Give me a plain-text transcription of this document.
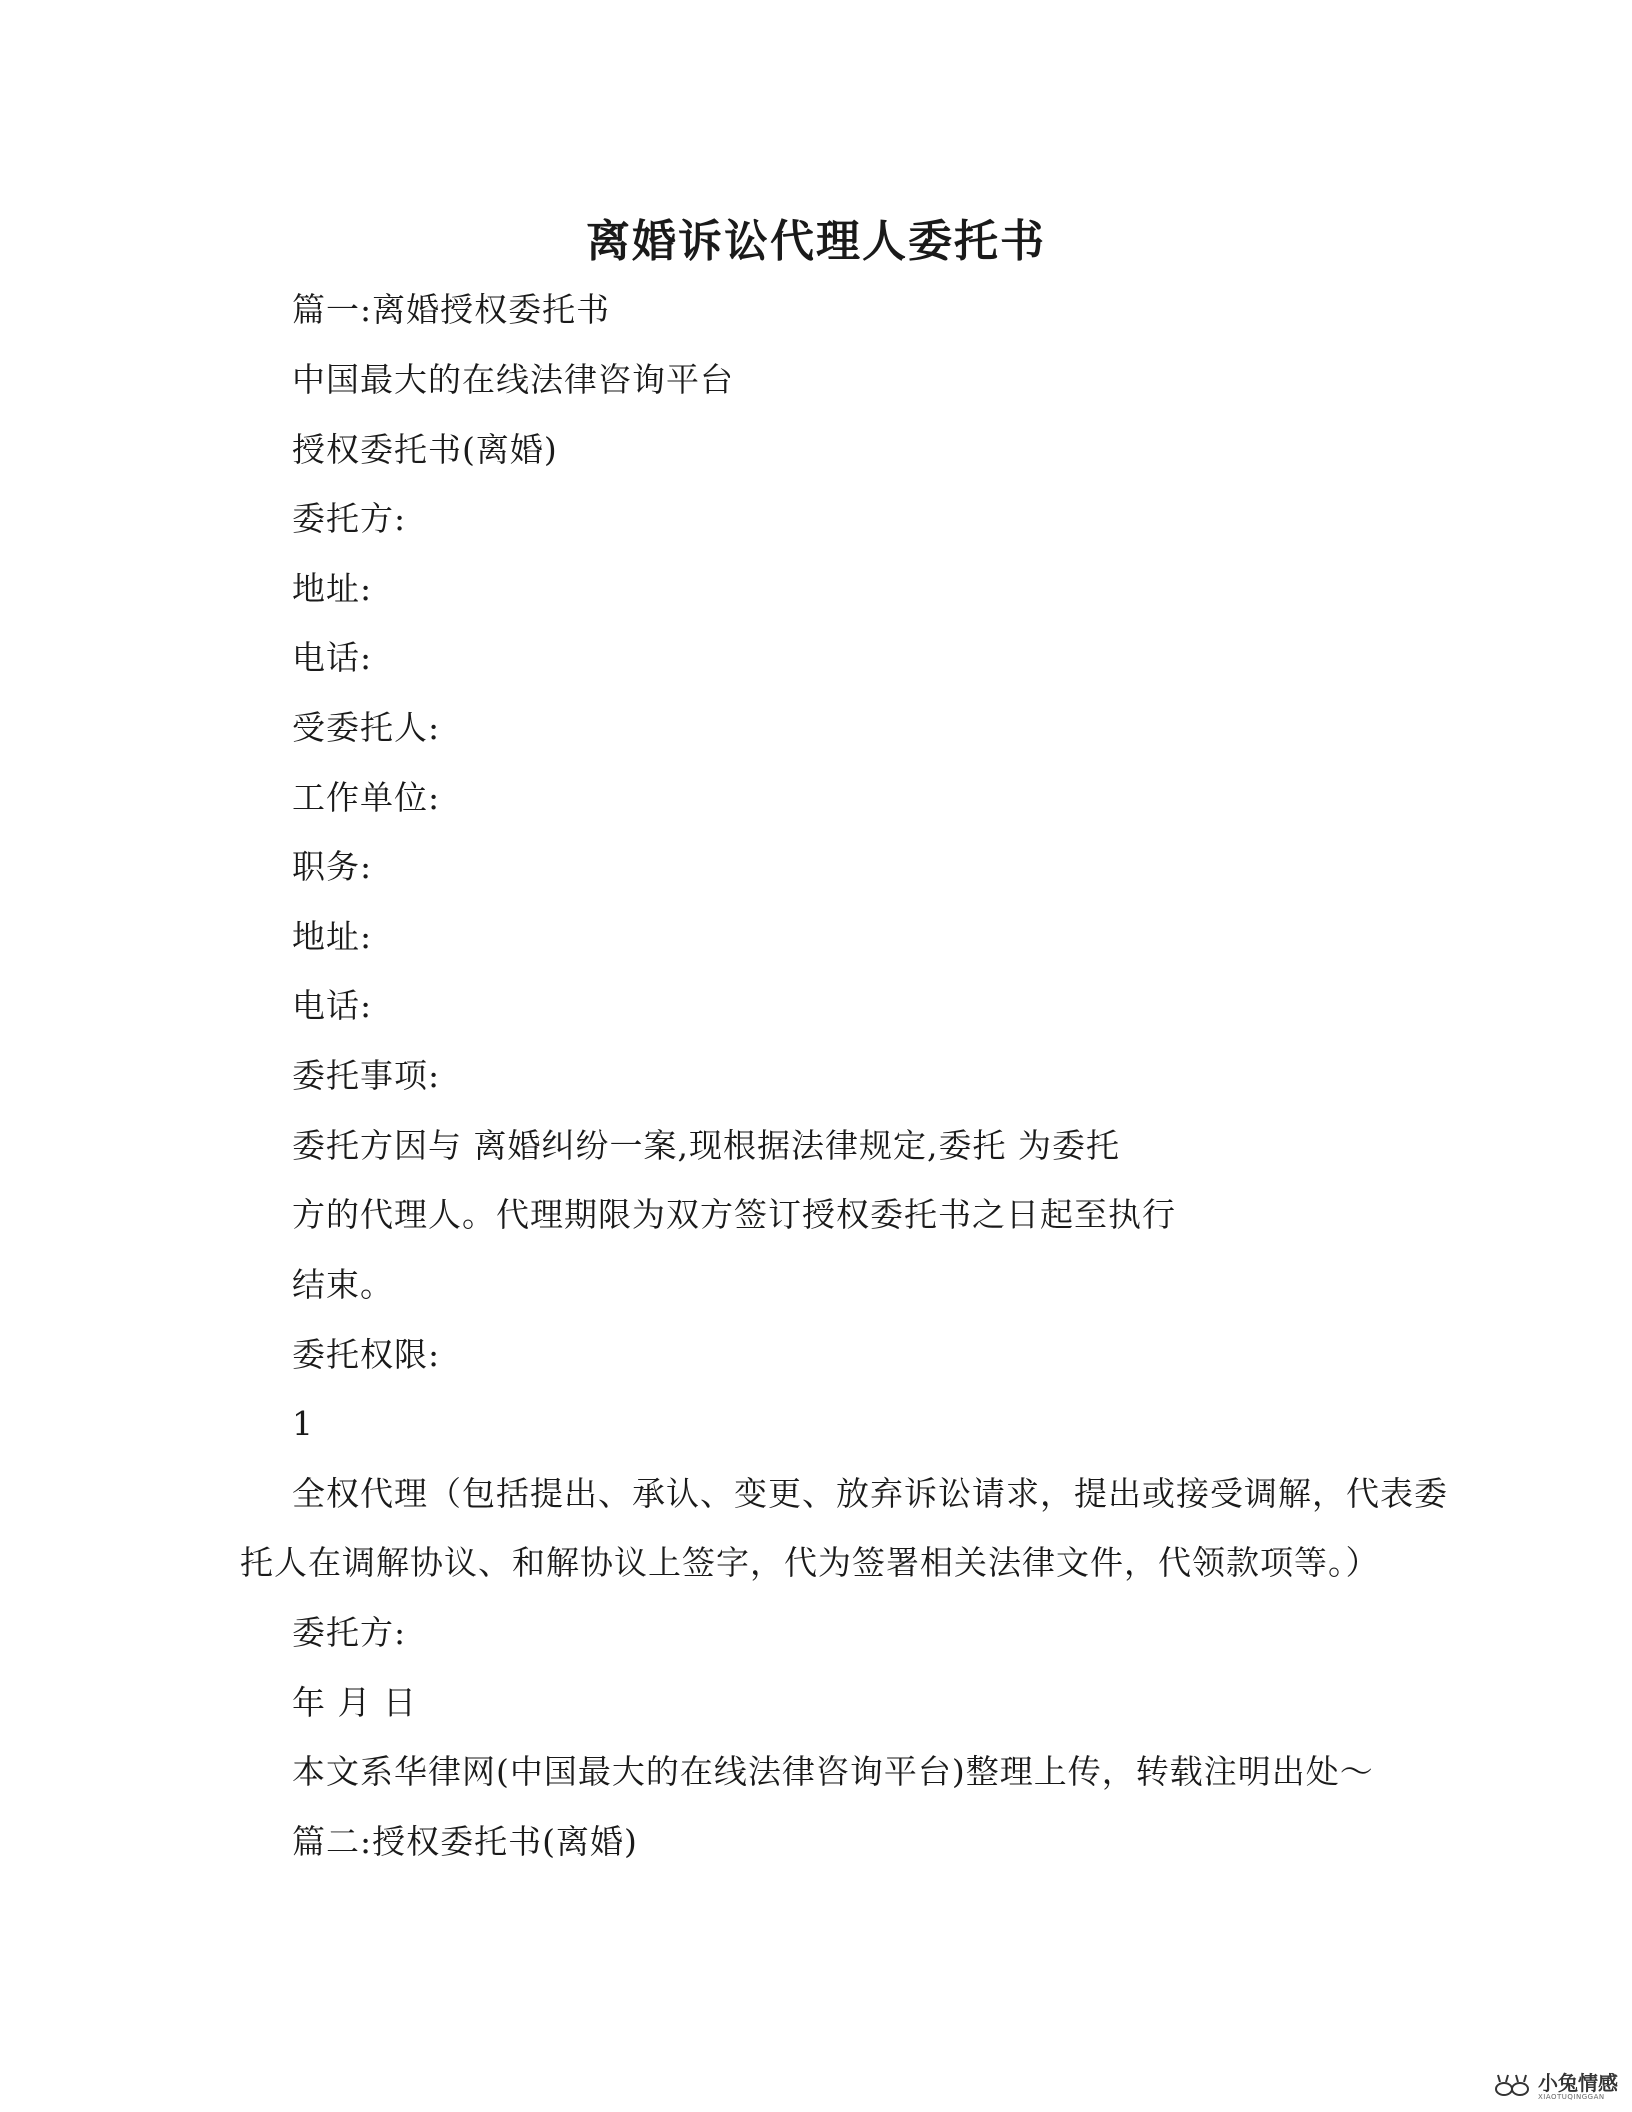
离婚诉讼代理人委托书
篇一:离婚授权委托书
中国最大的在线法律咨询平台
授权委托书(离婚)
委托方:
地址:
电话:
受委托人:
工作单位:
职务:
地址:
电话:
委托事项:
委托方因与 离婚纠纷一案,现根据法律规定,委托 为委托
方的代理人。代理期限为双方签订授权委托书之日起至执行
结束。
委托权限:
1
全权代理（包括提出、承认、变更、放弃诉讼请求，提出或接受调解，代表委
托人在调解协议、和解协议上签字，代为签署相关法律文件，代领款项等。）
委托方:
年 月 日
本文系华律网(中国最大的在线法律咨询平台)整理上传，转载注明出处～
篇二:授权委托书(离婚)
小兔情感
XIAOTUQINGGAN
